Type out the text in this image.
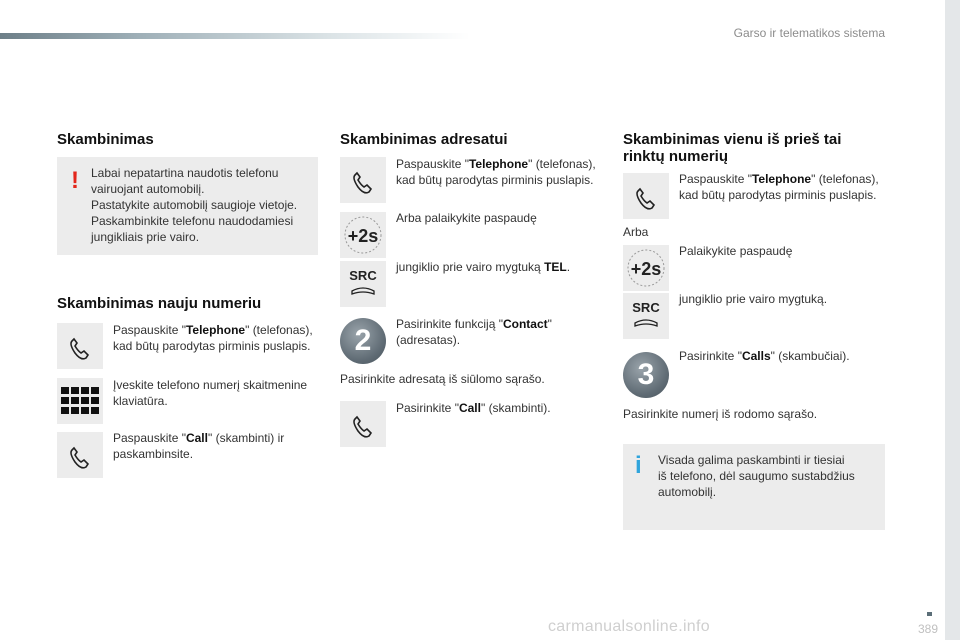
Garso ir telematikos sistema
389
carmanualsonline.info
Skambinimas
! Labai nepatartina naudotis telefonu
vairuojant automobilį.
Pastatykite automobilį saugioje vietoje.
Paskambinkite telefonu naudodamiesi
jungikliais prie vairo.
Skambinimas nauju numeriu
Paspauskite "Telephone" (telefonas),
kad būtų parodytas pirminis puslapis.
Įveskite telefono numerį skaitmenine
klaviatūra.
Paspauskite "Call" (skambinti) ir
paskambinsite.
Skambinimas adresatui
Paspauskite "Telephone" (telefonas),
kad būtų parodytas pirminis puslapis.
+2s
Arba palaikykite paspaudę
SRC
jungiklio prie vairo mygtuką TEL.
2	Pasirinkite funkciją "Contact"
(adresatas).
Pasirinkite adresatą iš siūlomo sąrašo.
Pasirinkite "Call" (skambinti).
Skambinimas vienu iš prieš tai
rinktų numerių
Paspauskite "Telephone" (telefonas),
kad būtų parodytas pirminis puslapis.
Arba
+2s
Palaikykite paspaudę
SRC
jungiklio prie vairo mygtuką.
3
Pasirinkite "Calls" (skambučiai).
Pasirinkite numerį iš rodomo sąrašo.
i Visada galima paskambinti ir tiesiai
iš telefono, dėl saugumo sustabdžius
automobilį.
